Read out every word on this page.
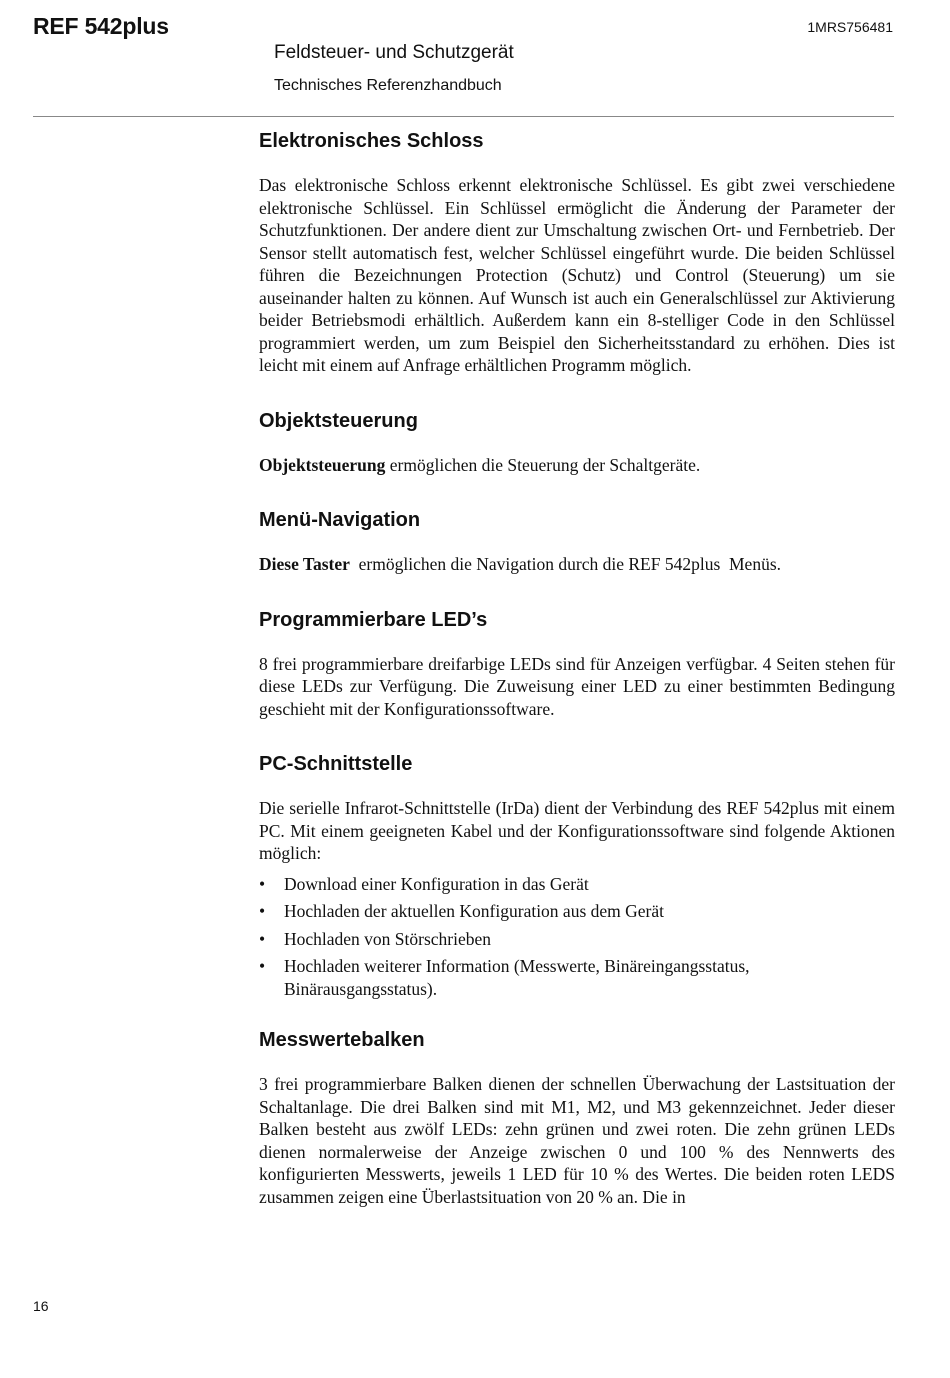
REF 542plus	1MRS756481
Feldsteuer- und Schutzgerät
Technisches Referenzhandbuch
Elektronisches Schloss

Das elektronische Schloss erkennt elektronische Schlüssel. Es gibt zwei verschiedene elektronische Schlüssel. Ein Schlüssel ermöglicht die Änderung der Parameter der Schutzfunktionen. Der andere dient zur Umschaltung zwischen Ort- und Fernbetrieb. Der Sensor stellt automatisch fest, welcher Schlüssel eingeführt wurde. Die beiden Schlüssel führen die Bezeichnungen Protection (Schutz) und Control (Steuerung) um sie auseinander halten zu können. Auf Wunsch ist auch ein Generalschlüssel zur Aktivierung beider Betriebsmodi erhältlich. Außerdem kann ein 8-stelliger Code in den Schlüssel programmiert werden, um zum Beispiel den Sicherheitsstandard zu erhöhen. Dies ist leicht mit einem auf Anfrage erhältlichen Programm möglich.

Objektsteuerung

Objektsteuerung ermöglichen die Steuerung der Schaltgeräte.

Menü-Navigation

Diese Taster  ermöglichen die Navigation durch die REF 542plus  Menüs.

Programmierbare LED’s

8 frei programmierbare dreifarbige LEDs sind für Anzeigen verfügbar. 4 Seiten stehen für diese LEDs zur Verfügung. Die Zuweisung einer LED zu einer bestimmten Bedingung geschieht mit der Konfigurationssoftware.

PC-Schnittstelle

Die serielle Infrarot-Schnittstelle (IrDa) dient der Verbindung des REF 542plus mit einem PC. Mit einem geeigneten Kabel und der Konfigurationssoftware sind folgende Aktionen möglich:

• Download einer Konfiguration in das Gerät
• Hochladen der aktuellen Konfiguration aus dem Gerät
• Hochladen von Störschrieben
• Hochladen weiterer Information (Messwerte, Binäreingangsstatus, Binärausgangsstatus).
Messwertebalken

3 frei programmierbare Balken dienen der schnellen Überwachung der Lastsituation der Schaltanlage. Die drei Balken sind mit M1, M2, und M3 gekennzeichnet. Jeder dieser Balken besteht aus zwölf LEDs: zehn grünen und zwei roten. Die zehn grünen LEDs dienen normalerweise der Anzeige zwischen 0 und 100 % des Nennwerts des konfigurierten Messwerts, jeweils 1 LED für 10 % des Wertes. Die beiden roten LEDS zusammen zeigen eine Überlastsituation von 20 % an. Die in

16
